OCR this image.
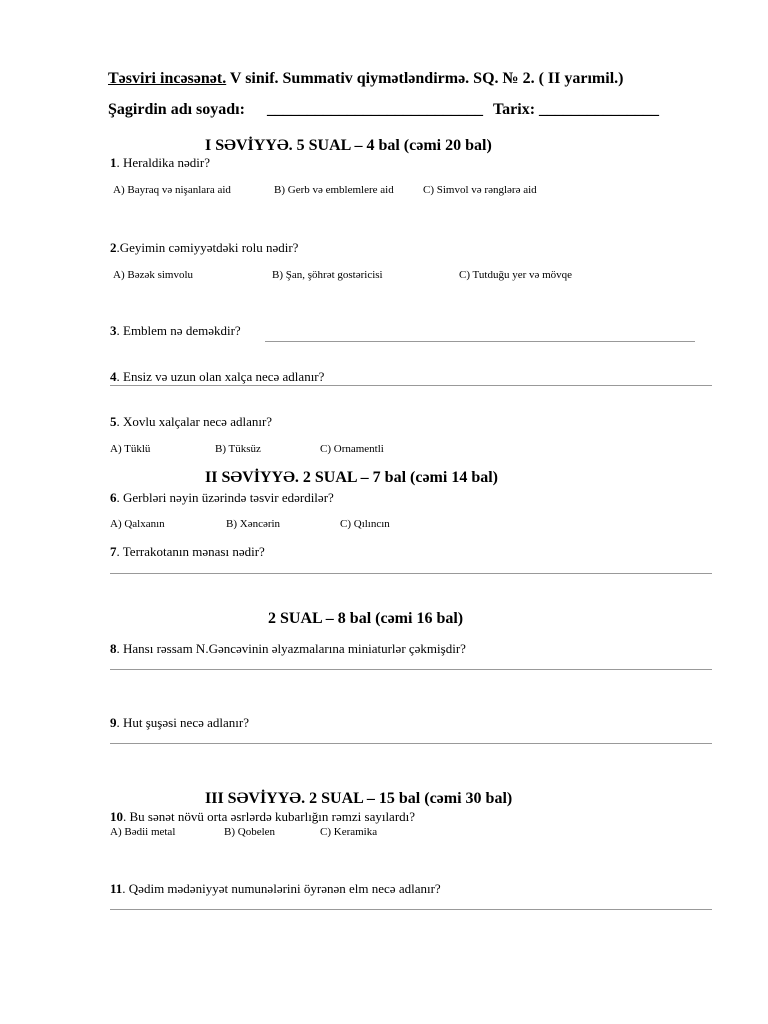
Təsviri incəsənət. V sinif. Summativ qiymətləndirmə. SQ. № 2. ( II yarımil.)
Şagirdin adı soyadı: ___________________________ Tarix: _______________
I SƏVİYYƏ. 5 SUAL – 4 bal (cəmi 20 bal)
1. Heraldika nədir?
A) Bayraq və nişanlara aid	B) Gerb və emblemlere aid	C) Simvol və rənglərə aid
2.Geyimin cəmiyyətdəki rolu nədir?
A) Bəzək simvolu	B) Şan, şöhrət gostəricisi	C) Tutduğu yer və mövqe
3. Emblem nə deməkdir?
4. Ensiz və uzun olan xalça necə adlanır?
5. Xovlu xalçalar necə adlanır?
A) Tüklü	B) Tüksüz	C) Ornamentli
II SƏVİYYƏ. 2 SUAL – 7 bal (cəmi 14 bal)
6. Gerbləri nəyin üzərində təsvir edərdilər?
A) Qalxanın	B) Xəncərin	C) Qılıncın
7. Terrakotanın mənası nədir?
2 SUAL – 8 bal (cəmi 16 bal)
8. Hansı rəssam N.Gəncəvinin əlyazmalarına miniaturlər çəkmişdir?
9. Hut şuşəsi necə adlanır?
III SƏVİYYƏ. 2 SUAL – 15 bal (cəmi 30 bal)
10. Bu sənət növü orta əsrlərdə kubarlığın rəmzi sayılardı?
A) Bədii metal	B) Qobelen	C) Keramika
11. Qədim mədəniyyət numunələrini öyrənən elm necə adlanır?
